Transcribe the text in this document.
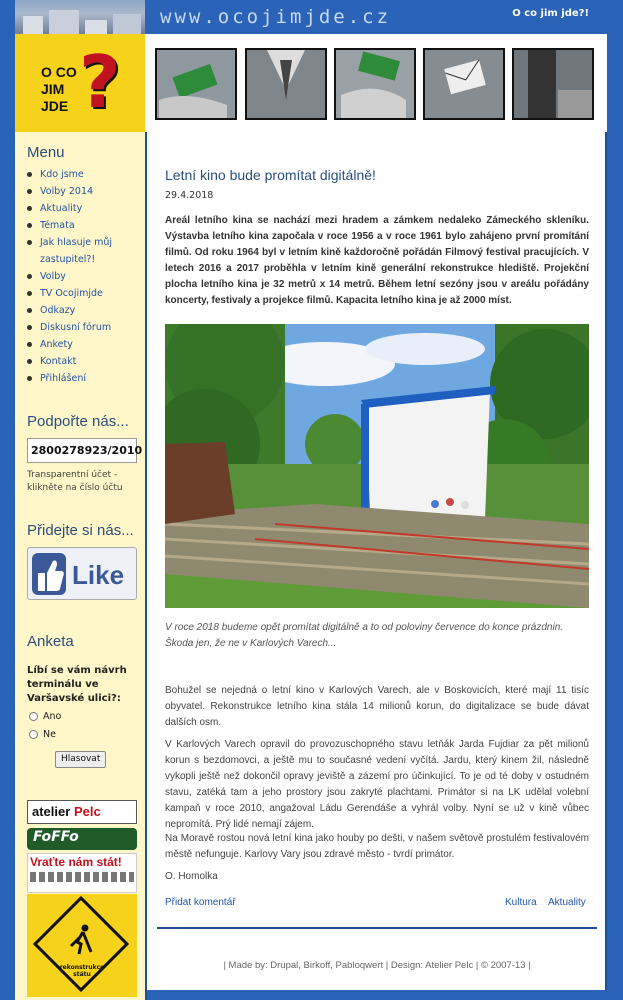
www.ocojimjde.cz	O co jim jde?!
O CO
JIM
JDE ?
Menu
Kdo jsme
Volby 2014
Aktuality
Témata
Jak hlasuje můj zastupitel?!
Volby
TV Ocojimjde
Odkazy
Diskusní fórum
Ankety
Kontakt
Přihlášení
Podpořte nás...
2800278923/2010
Transparentní účet - klikněte na číslo účtu
Přidejte si nás...
Like
Anketa
Líbí se vám návrh terminálu ve Varšavské ulici?:
Ano
Ne
Hlasovat
atelier Pelc
FoFFo
Vraťte nám stát!
rekonstrukce státu
Letní kino bude promítat digitálně!
29.4.2018
Areál letního kina se nachází mezi hradem a zámkem nedaleko Zámeckého skleníku. Výstavba letního kina započala v roce 1956 a v roce 1961 bylo zahájeno první promítání filmů. Od roku 1964 byl v letním kině každoročně pořádán Filmový festival pracujících. V letech 2016 a 2017 proběhla v letním kině generální rekonstrukce hlediště. Projekční plocha letního kina je 32 metrů x 14 metrů. Během letní sezóny jsou v areálu pořádány koncerty, festivaly a projekce filmů. Kapacita letního kina je až 2000 míst.
V roce 2018 budeme opět promítat digitálně a to od poloviny července do konce prázdnin. Škoda jen, že ne v Karlových Varech...
Bohužel se nejedná o letní kino v Karlových Varech, ale v Boskovicích, které mají 11 tisíc obyvatel. Rekonstrukce letního kina stála 14 milionů korun, do digitalizace se bude dávat dalších osm.
V Karlových Varech opravil do provozuschopného stavu letňák Jarda Fujdiar za pět milionů korun s bezdomovci, a ještě mu to současné vedení vyčítá. Jardu, který kinem žil, následně vykopli ještě než dokončil opravy jeviště a zázemí pro účinkující. To je od té doby v ostudném stavu, zatéká tam a jeho prostory jsou zakryté plachtami. Primátor si na LK udělal volební kampaň v roce 2010, angažoval Ládu Gerendáše a vyhrál volby. Nyní se už v kině vůbec nepromítá. Prý lidé nemají zájem.
Na Moravě rostou nová letní kina jako houby po dešti, v našem světově prostulém festivalovém městě nefunguje. Karlovy Vary jsou zdravé město - tvrdí primátor.
O. Homolka
Přidat komentář	Kultura Aktuality
| Made by: Drupal, Birkoff, Pabloqwert | Design: Atelier Pelc | © 2007-13 |
